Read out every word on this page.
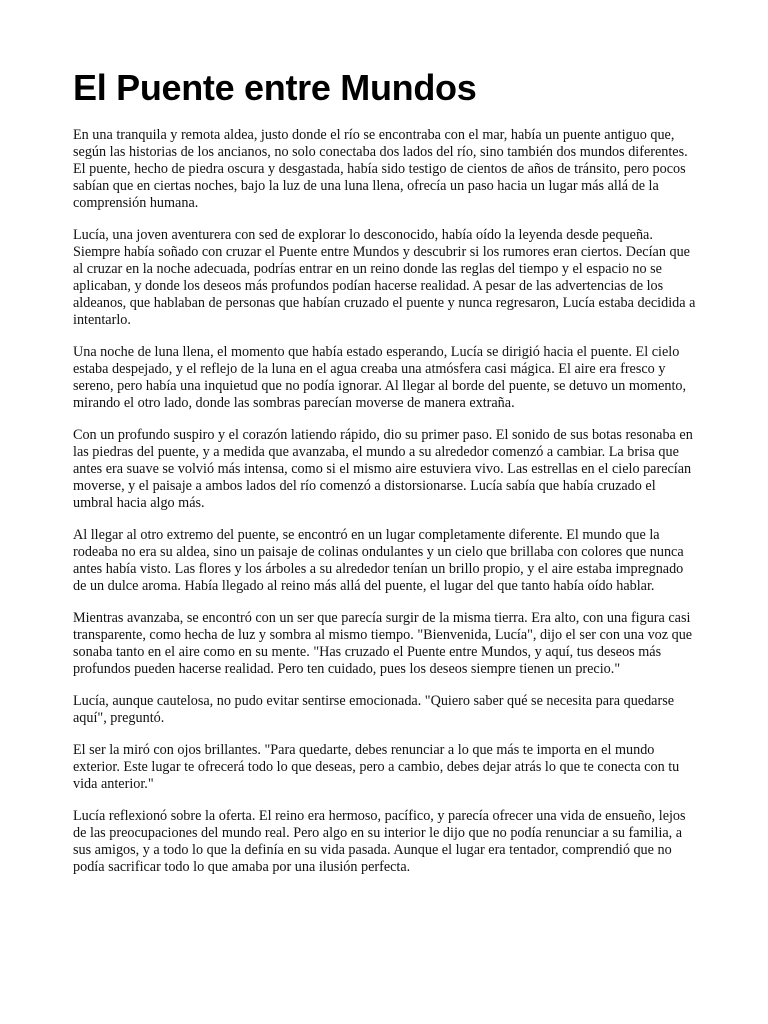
El Puente entre Mundos

En una tranquila y remota aldea, justo donde el río se encontraba con el mar, había un puente antiguo que, según las historias de los ancianos, no solo conectaba dos lados del río, sino también dos mundos diferentes. El puente, hecho de piedra oscura y desgastada, había sido testigo de cientos de años de tránsito, pero pocos sabían que en ciertas noches, bajo la luz de una luna llena, ofrecía un paso hacia un lugar más allá de la comprensión humana.

Lucía, una joven aventurera con sed de explorar lo desconocido, había oído la leyenda desde pequeña. Siempre había soñado con cruzar el Puente entre Mundos y descubrir si los rumores eran ciertos. Decían que al cruzar en la noche adecuada, podrías entrar en un reino donde las reglas del tiempo y el espacio no se aplicaban, y donde los deseos más profundos podían hacerse realidad. A pesar de las advertencias de los aldeanos, que hablaban de personas que habían cruzado el puente y nunca regresaron, Lucía estaba decidida a intentarlo.

Una noche de luna llena, el momento que había estado esperando, Lucía se dirigió hacia el puente. El cielo estaba despejado, y el reflejo de la luna en el agua creaba una atmósfera casi mágica. El aire era fresco y sereno, pero había una inquietud que no podía ignorar. Al llegar al borde del puente, se detuvo un momento, mirando el otro lado, donde las sombras parecían moverse de manera extraña.

Con un profundo suspiro y el corazón latiendo rápido, dio su primer paso. El sonido de sus botas resonaba en las piedras del puente, y a medida que avanzaba, el mundo a su alrededor comenzó a cambiar. La brisa que antes era suave se volvió más intensa, como si el mismo aire estuviera vivo. Las estrellas en el cielo parecían moverse, y el paisaje a ambos lados del río comenzó a distorsionarse. Lucía sabía que había cruzado el umbral hacia algo más.

Al llegar al otro extremo del puente, se encontró en un lugar completamente diferente. El mundo que la rodeaba no era su aldea, sino un paisaje de colinas ondulantes y un cielo que brillaba con colores que nunca antes había visto. Las flores y los árboles a su alrededor tenían un brillo propio, y el aire estaba impregnado de un dulce aroma. Había llegado al reino más allá del puente, el lugar del que tanto había oído hablar.

Mientras avanzaba, se encontró con un ser que parecía surgir de la misma tierra. Era alto, con una figura casi transparente, como hecha de luz y sombra al mismo tiempo. "Bienvenida, Lucía", dijo el ser con una voz que sonaba tanto en el aire como en su mente. "Has cruzado el Puente entre Mundos, y aquí, tus deseos más profundos pueden hacerse realidad. Pero ten cuidado, pues los deseos siempre tienen un precio."

Lucía, aunque cautelosa, no pudo evitar sentirse emocionada. "Quiero saber qué se necesita para quedarse aquí", preguntó.

El ser la miró con ojos brillantes. "Para quedarte, debes renunciar a lo que más te importa en el mundo exterior. Este lugar te ofrecerá todo lo que deseas, pero a cambio, debes dejar atrás lo que te conecta con tu vida anterior."

Lucía reflexionó sobre la oferta. El reino era hermoso, pacífico, y parecía ofrecer una vida de ensueño, lejos de las preocupaciones del mundo real. Pero algo en su interior le dijo que no podía renunciar a su familia, a sus amigos, y a todo lo que la definía en su vida pasada. Aunque el lugar era tentador, comprendió que no podía sacrificar todo lo que amaba por una ilusión perfecta.
